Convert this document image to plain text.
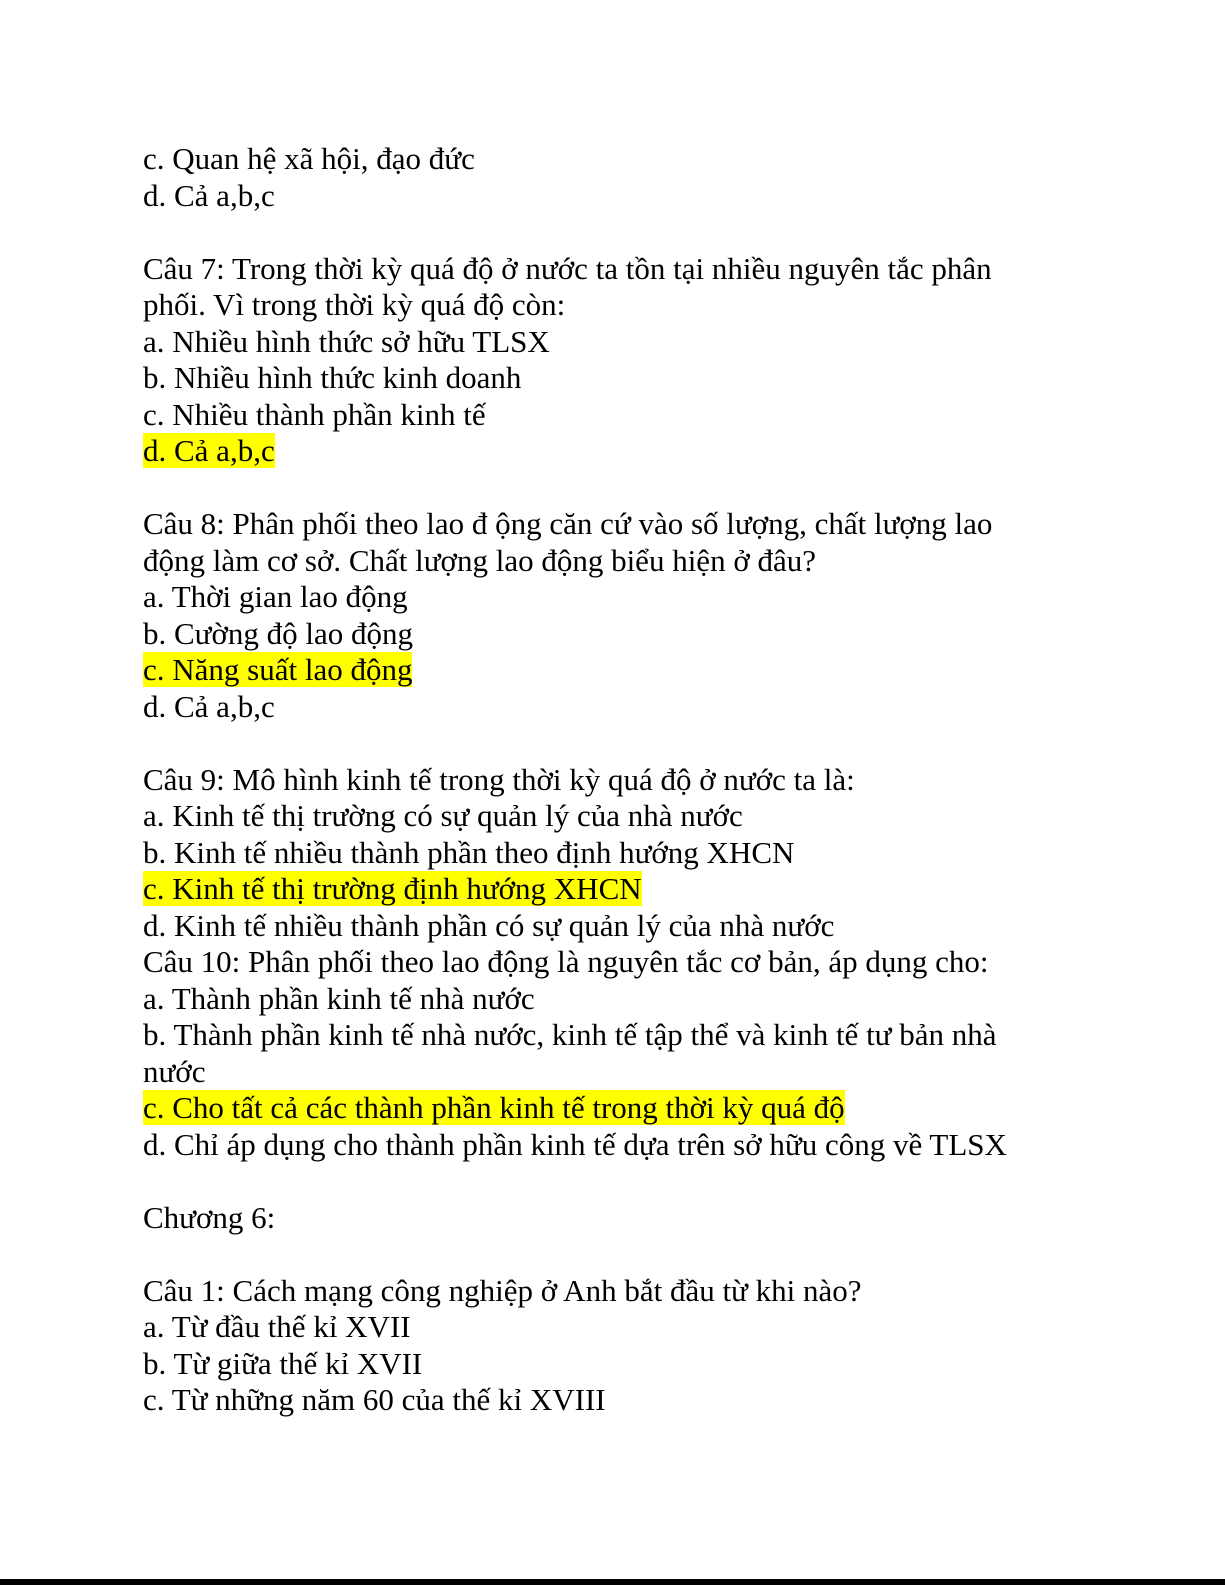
c. Quan hệ xã hội, đạo đức
d. Cả a,b,c
Câu 7: Trong thời kỳ quá độ ở nước ta tồn tại nhiều nguyên tắc phân
phối. Vì trong thời kỳ quá độ còn:
a. Nhiều hình thức sở hữu TLSX
b. Nhiều hình thức kinh doanh
c. Nhiều thành phần kinh tế
d. Cả a,b,c
Câu 8: Phân phối theo lao đ ộng căn cứ vào số lượng, chất lượng lao
động làm cơ sở. Chất lượng lao động biểu hiện ở đâu?
a. Thời gian lao động
b. Cường độ lao động
c. Năng suất lao động
d. Cả a,b,c
Câu 9: Mô hình kinh tế trong thời kỳ quá độ ở nước ta là:
a. Kinh tế thị trường có sự quản lý của nhà nước
b. Kinh tế nhiều thành phần theo định hướng XHCN
c. Kinh tế thị trường định hướng XHCN
d. Kinh tế nhiều thành phần có sự quản lý của nhà nước
Câu 10: Phân phối theo lao động là nguyên tắc cơ bản, áp dụng cho:
a. Thành phần kinh tế nhà nước
b. Thành phần kinh tế nhà nước, kinh tế tập thể và kinh tế tư bản nhà
nước
c. Cho tất cả các thành phần kinh tế trong thời kỳ quá độ
d. Chỉ áp dụng cho thành phần kinh tế dựa trên sở hữu công về TLSX
Chương 6:
Câu 1: Cách mạng công nghiệp ở Anh bắt đầu từ khi nào?
a. Từ đầu thế kỉ XVII
b. Từ giữa thế kỉ XVII
c. Từ những năm 60 của thế kỉ XVIII
